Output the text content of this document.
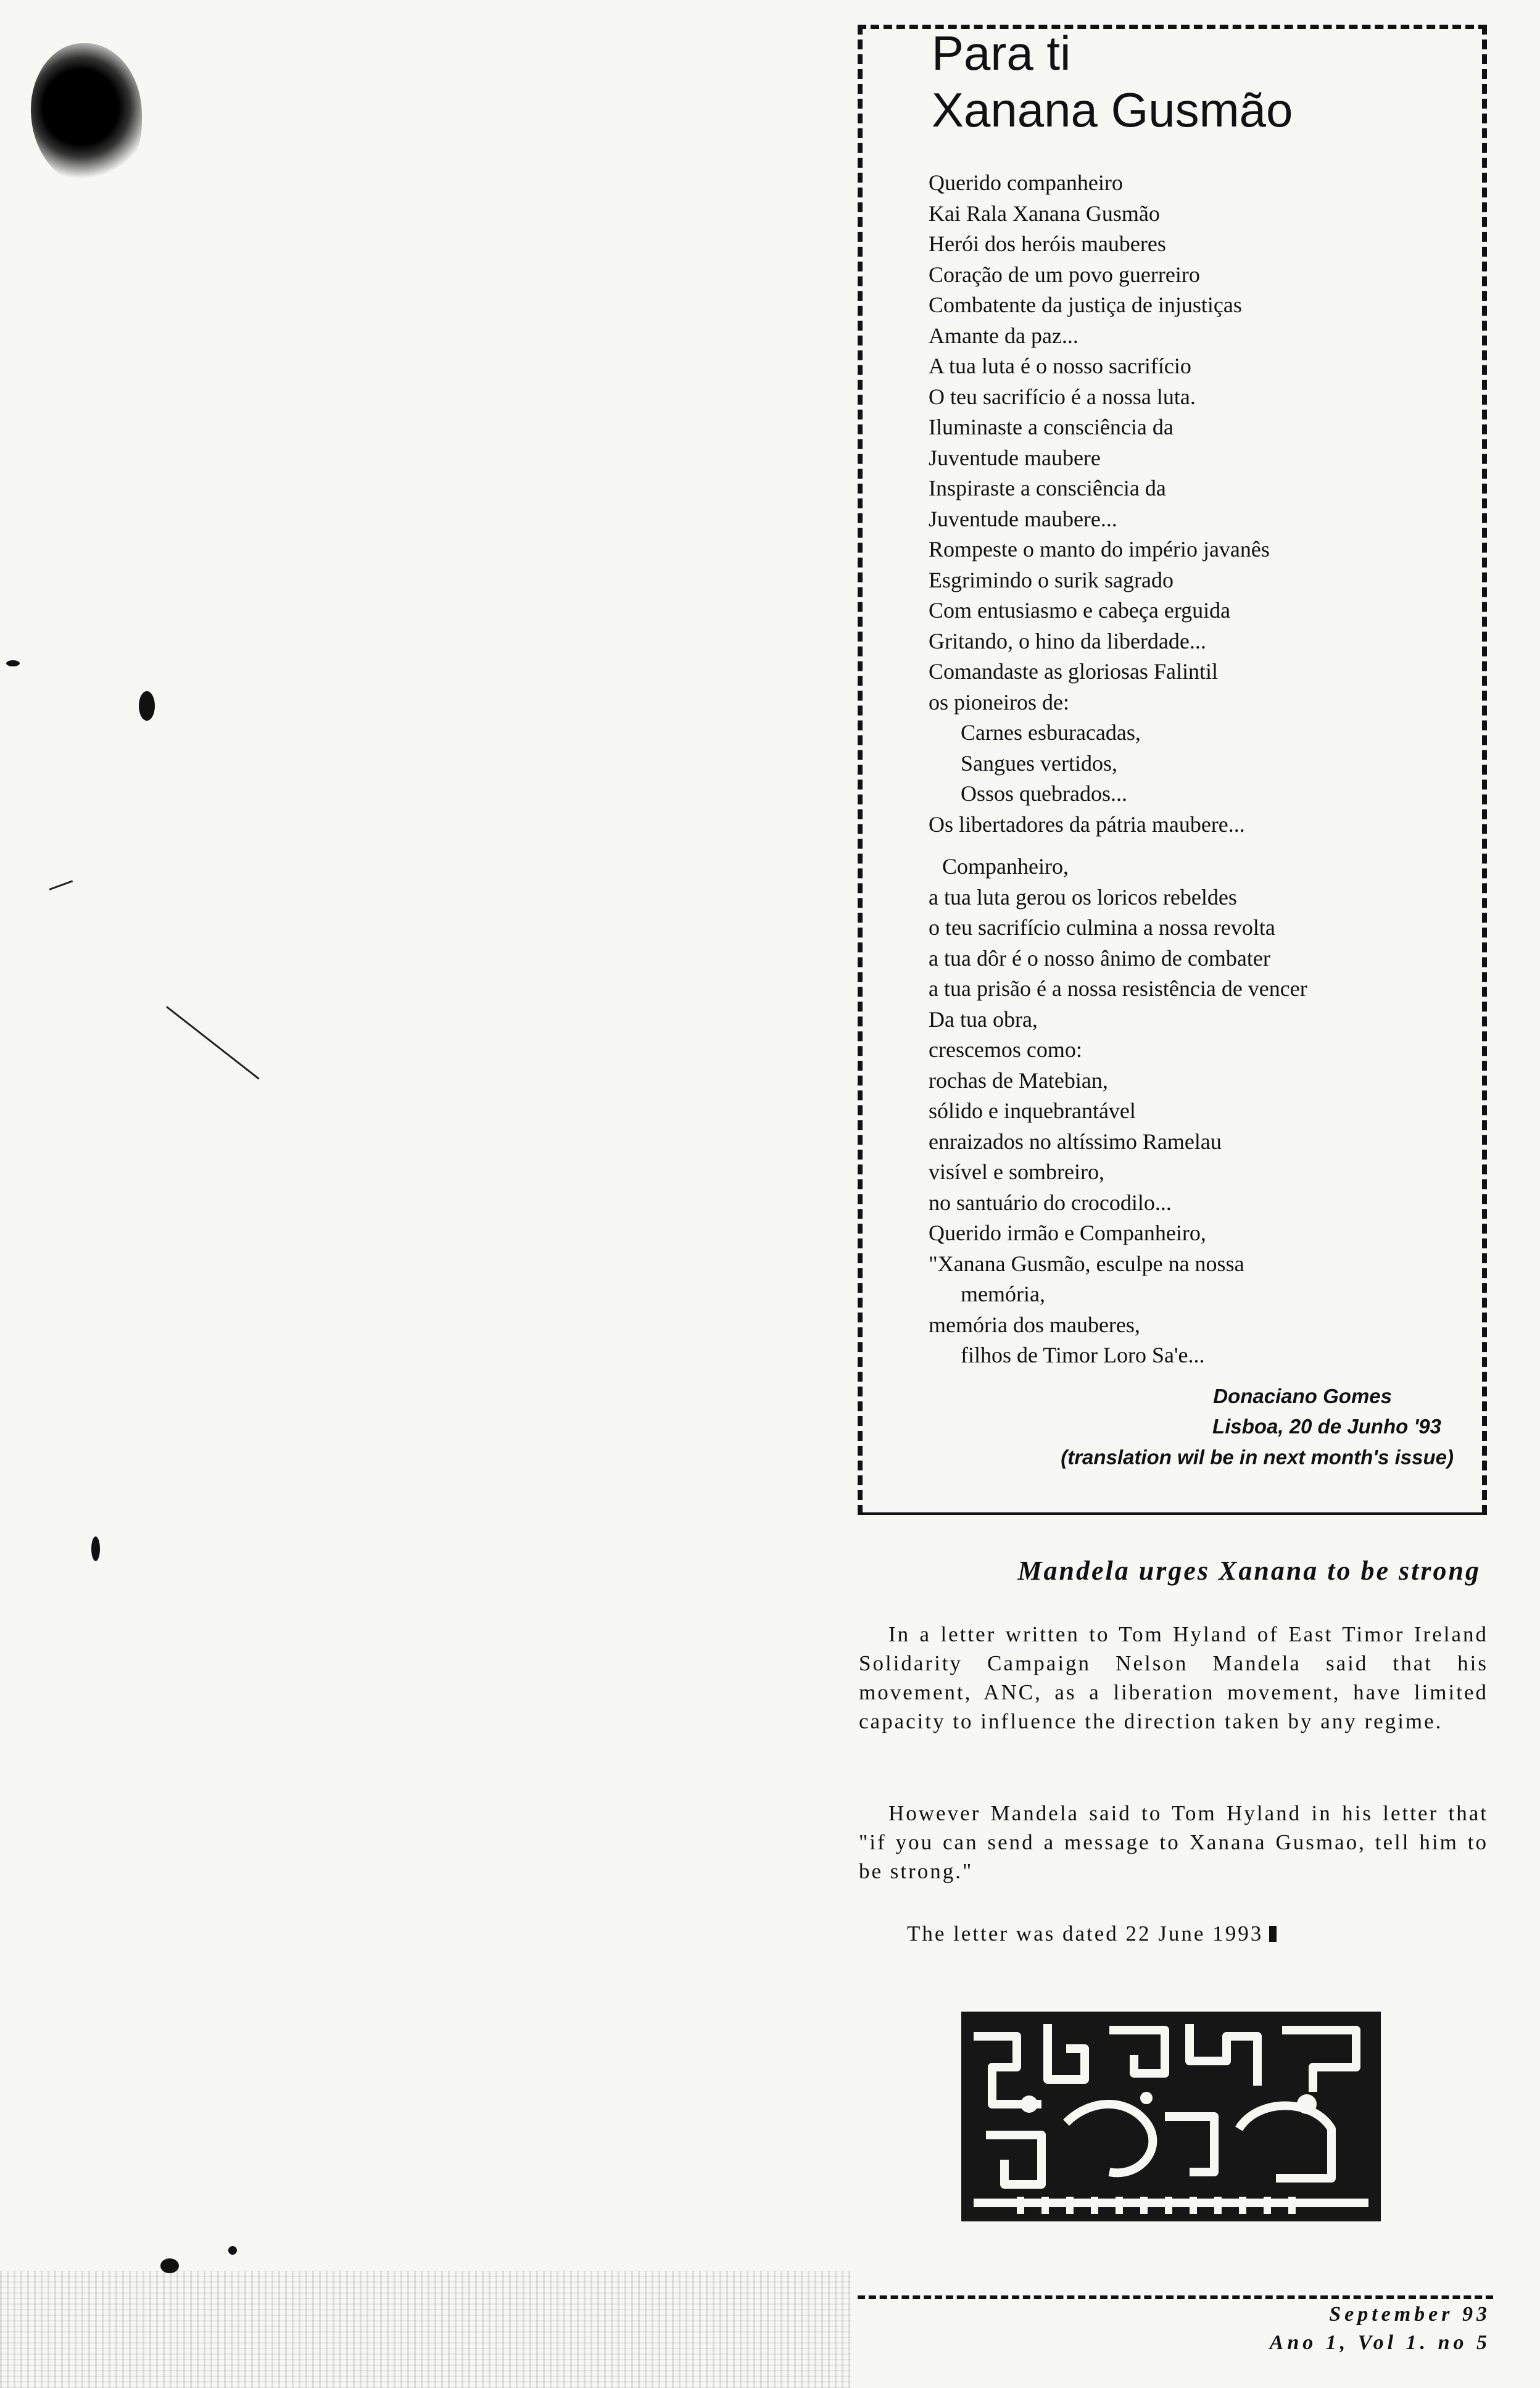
Para ti
Xanana Gusmão
Querido companheiro
Kai Rala Xanana Gusmão
Herói dos heróis mauberes
Coração de um povo guerreiro
Combatente da justiça de injustiças
Amante da paz...
A tua luta é o nosso sacrifício
O teu sacrifício é a nossa luta.
Iluminaste a consciência da
Juventude maubere
Inspiraste a consciência da
Juventude maubere...
Rompeste o manto do império javanês
Esgrimindo o surik sagrado
Com entusiasmo e cabeça erguida
Gritando, o hino da liberdade...
Comandaste as gloriosas Falintil
os pioneiros de:
Carnes esburacadas,
Sangues vertidos,
Ossos quebrados...
Os libertadores da pátria maubere...
Companheiro,
a tua luta gerou os loricos rebeldes
o teu sacrifício culmina a nossa revolta
a tua dôr é o nosso ânimo de combater
a tua prisão é a nossa resistência de vencer
Da tua obra,
crescemos como:
rochas de Matebian,
sólido e inquebrantável
enraizados no altíssimo Ramelau
visível e sombreiro,
no santuário do crocodilo...
Querido irmão e Companheiro,
"Xanana Gusmão, esculpe na nossa
memória,
memória dos mauberes,
filhos de Timor Loro Sa'e...
Donaciano Gomes
Lisboa, 20 de Junho '93
(translation wil be in next month's issue)
Mandela urges Xanana to be strong

In a letter written to Tom Hyland of East Timor Ireland Solidarity Campaign Nelson Mandela said that his movement, ANC, as a liberation movement, have limited capacity to influence the direction taken by any regime.

However Mandela said to Tom Hyland in his letter that "if you can send a message to Xanana Gusmao, tell him to be strong."

The letter was dated 22 June 1993

September 93
Ano 1, Vol 1. no 5
